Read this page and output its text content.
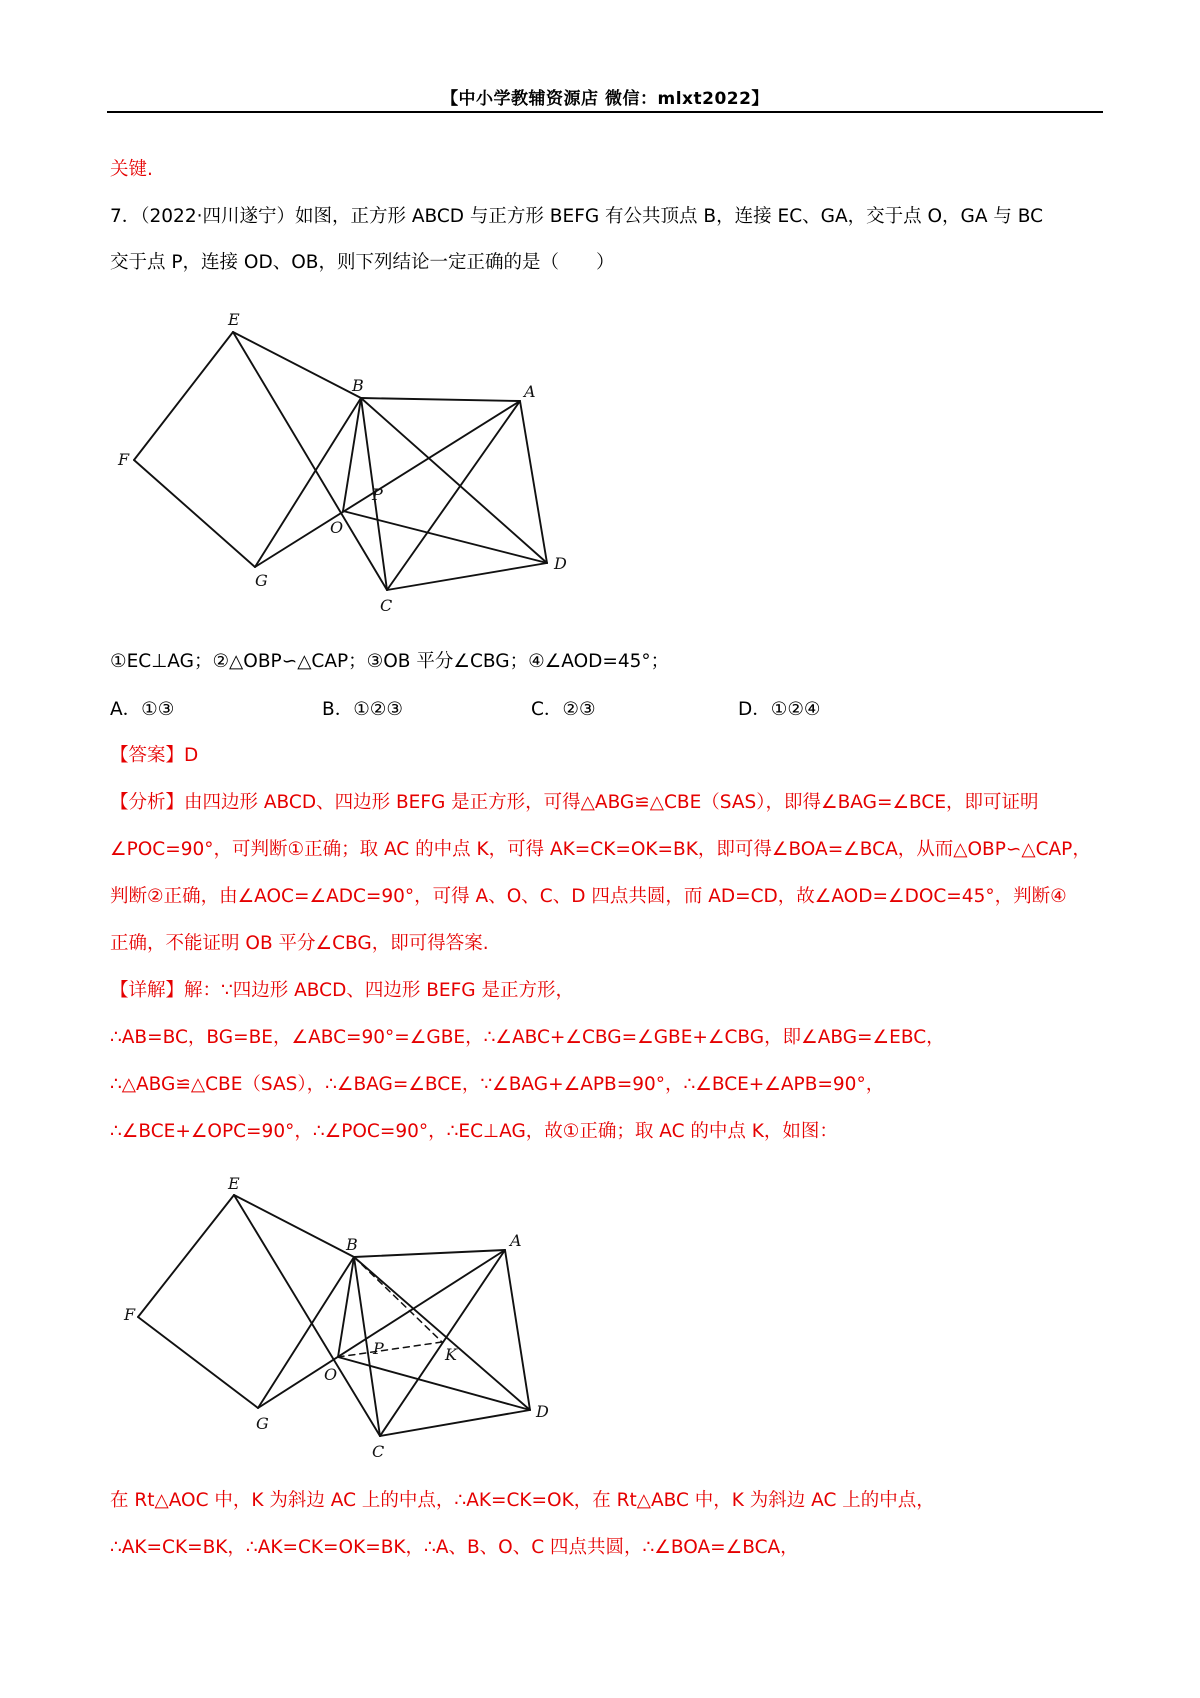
【中小学教辅资源店 微信：mlxt2022】
关键.
7．（2022·四川遂宁）如图，正方形 ABCD 与正方形 BEFG 有公共顶点 B，连接 EC、GA，交于点 O，GA 与 BC
交于点 P，连接 OD、OB，则下列结论一定正确的是（　　）
E
A
B
F
P
O
G
D
C
①EC⊥AG；②△OBP∽△CAP；③OB 平分∠CBG；④∠AOD=45°；
A．①③	B．①②③	C．②③	D．①②④
【答案】D
【分析】由四边形 ABCD、四边形 BEFG 是正方形，可得△ABG≌△CBE（SAS），即得∠BAG=∠BCE，即可证明
∠POC=90°，可判断①正确；取 AC 的中点 K，可得 AK=CK=OK=BK，即可得∠BOA=∠BCA，从而△OBP∽△CAP，
判断②正确，由∠AOC=∠ADC=90°，可得 A、O、C、D 四点共圆，而 AD=CD，故∠AOD=∠DOC=45°，判断④
正确，不能证明 OB 平分∠CBG，即可得答案.
【详解】解：∵四边形 ABCD、四边形 BEFG 是正方形，
∴AB=BC，BG=BE，∠ABC=90°=∠GBE，∴∠ABC+∠CBG=∠GBE+∠CBG，即∠ABG=∠EBC，
∴△ABG≌△CBE（SAS），∴∠BAG=∠BCE，∵∠BAG+∠APB=90°，∴∠BCE+∠APB=90°，
∴∠BCE+∠OPC=90°，∴∠POC=90°，∴EC⊥AG，故①正确；取 AC 的中点 K，如图：
E
A
B
F
P	K
O
G
D
C
在 Rt△AOC 中，K 为斜边 AC 上的中点，∴AK=CK=OK，在 Rt△ABC 中，K 为斜边 AC 上的中点，
∴AK=CK=BK，∴AK=CK=OK=BK，∴A、B、O、C 四点共圆，∴∠BOA=∠BCA，
